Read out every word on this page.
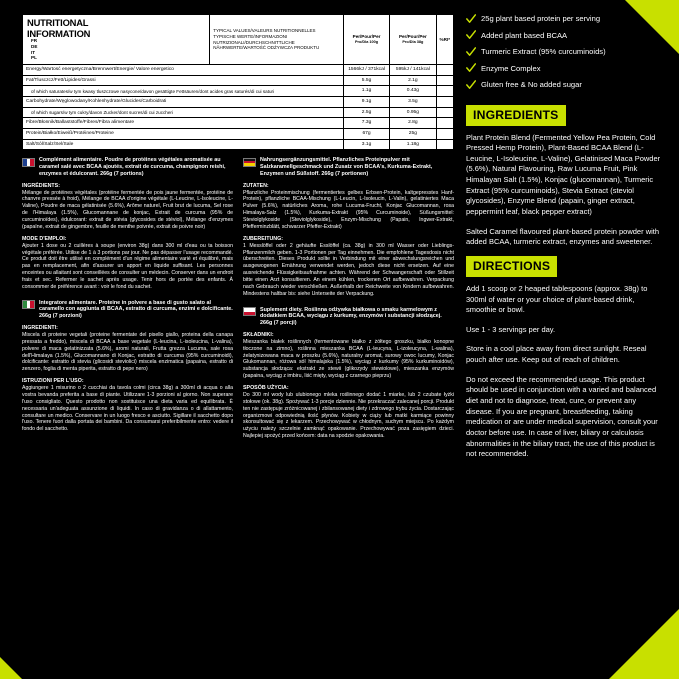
NUTRITIONAL
INFORMATION
FR
DE
IT
PL

TYPICAL VALUES/VALEURS NUTRITIONNELLES
TYPISCHE WERTE/INFORMAZIONI NUTRIZIONALI/DURCHSCHNITTLICHE
NÄHRWERTE/WARTOŚĆ ODŻYWCZA PRODUKTU
	Per/Pour/Per
Pro/Dla 100g
	Per/Pour/Per
Pro/Dla 38g
	%RI*
Energy/Wartosć energetyczna/Brennwert/Energie/ Valore energetico		1566kJ / 371kcal	595kJ / 141kcal	
Fat/Tlusczcz/Fett/Lipides/Grassi		5.5g	2.1g	
of which saturates/w tym kwasy tluszczowe nasycone/davon gesättigte Fettsäuren/dont acides gras saturés/di cui saturi		1.1g	0.43g	
Carbohydrate/Węglowodany/Kohlenhydrate/Glucides/Carboidrati		9.1g	3.5g	
of which sugars/w tym cukry/davon Zucker/dont sucres/di cui zuccheri		2.5g	0.95g	
Fibre/Błonnik/Ballaststoffe/Fibres/Fibra alimentare		7.3g	2.8g	
Protein/Białko/Eiweiß/Protéines/Proteine		67g	25g	
Salt/Sól/Salz/Sel/Sale		3.1g	1.18g	
Complément alimentaire. Poudre de protéines végétales aromatisée au caramel salé avec BCAA ajoutés, extrait de curcuma, champignon reishi, enzymes et édulcorant. 266g (7 portions)
INGRÉDIENTS:
Mélange de protéines végétales (protéine fermentée de pois jaune fermentée, protéine de chanvre pressée à froid), Mélange de BCAA d'origine végétale (L-Leucine, L-Isoleucine, L-Valine), Poudre de maca gélatinisée (5.6%), Arôme naturel, Fruit brut de lucuma, Sel rose de l'Himalaya (1.5%), Glucomannane de konjac, Extrait de curcuma (95% de curcuminoïdes), édulcorant: extrait de stévia (glycosides de stéviol), Mélange d'enzymes (papaïne, extrait de gingembre, feuille de menthe poivrée, extrait de poivre noir)
MODE D'EMPLOI:
Ajouter 1 dose ou 2 cuillères à soupe (environ 38g) dans 300 ml d'eau ou ta boisson végétale préférée. Utilise de 1 à 3 portions par jour. Ne pas dépasser l'usage recommandé. Ce produit doit être utilisé en complément d'un régime alimentaire varié et équilibré, mais pas en remplacement, afin d'assurer un apport en liquide suffisant. Les personnes enceintes ou allaitant sont conseillées de consulter un médecin. Conserver dans un endroit frais et sec. Refermer le sachet après usage. Tenir hors de portée des enfants. À consommer de préférence avant : voir le fond du sachet.
Integratore alimentare. Proteine in polvere a base di gusto salato al caramello con aggiunta di BCAA, estratto di curcuma, enzimi e dolcificante. 266g (7 porzioni)
INGREDIENTI:
Miscela di proteine vegetali (proteine fermentate del pisello giallo, proteina della canapa pressata a freddo), miscela di BCAA a base vegetale (L-leucina, L-isoleucina, L-valina), polvere di maca gelatinizzata (5.6%), aromi naturali, Frutta grezza Lucuma, sale rosa dell'Himalaya (1.5%), Glucomannano di Konjac, estratto di curcuma (95% curcuminoidi), dolcificante: estratto di stevia (glicosidi steviolici) miscela enzimatica (papaina, estratto di zenzero, foglia di menta piperita, estratto di pepe nero)
ISTRUZIONI PER L'USO:
Aggiungere 1 misurino o 2 cucchiai da tavola colmi (circa 38g) a 300ml di acqua o alla vostra bevanda preferita a base di piante. Utilizzare 1-3 porzioni al giorno. Non superare l'uso consigliato. Questo prodotto non sostituisce una dieta varia ed equilibrata. È necessaria un'adeguata assunzione di liquidi. In caso di gravidanza o di allattamento, consultare un medico. Conservare in un luogo fresco e asciutto. Sigillare il sacchetto dopo l'uso. Tenere fuori dalla portata dei bambini. Da consumarsi preferibilmente entro: vedere il fondo del sacchetto.
Nahrungsergänzungsmittel. Pflanzliches Proteinpulver mit Salzkaramellgeschmack und Zusatz von BCAA's, Kurkuma-Extrakt, Enzymen und Süßstoff. 266g (7 portionen)
ZUTATEN:
Pflanzliche Proteinmischung (fermentiertes gelbes Erbsen-Protein, kaltgepresstes Hanf-Protein), pflanzliche BCAA-Mischung (L-Leucin, L-Isoleucin, L-Valin), gelatiniertes Maca Pulver (5.6%), natürliches Aroma, rohe Lucuma-Frucht, Konjac Glucomannan, rosa Himalaya-Salz (1.5%), Kurkuma-Extrakt (95% Curcuminoide), Süßungsmittel: Steviolglykoside (Steviolglykoside), Enzym-Mischung (Papain, Ingwer-Extrakt, Pfefferminzblätt, schwarzer Pfeffer-Extrakt)
ZUBEREITUNG:
1 Messlöffel oder 2 gehäufte Esslöffel (ca. 38g) in 300 ml Wasser oder Lieblings-Pflanzenmilch geben. 1-3 Portionen per Tag einnehmen. Die empfohlene Tagesdosis nicht überschreiten. Dieses Produkt sollte in Verbindung mit einer abwechslungsreichen und ausgewogenen Ernährung verwendet werden, jedoch diese nicht ersetzen. Auf eine ausreichende Flüssigkeitsaufnahme achten. Während der Schwangerschaft oder Stillzeit bitte einen Arzt konsultieren. An einem kühlen, trockenen Ort aufbewahren. Verpackung nach Gebrauch wieder verschließen. Außerhalb der Reichweite von Kindern aufbewahren. Mindestens haltbar bis: siehe Unterseite der Verpackung.
Suplement diety. Roślinna odżywka białkowa o smaku karmelowym z dodatkiem BCAA, wyciągu z kurkumy, enzymów i substancji słodzącej. 266g (7 porcji)
SKŁADNIKI:
Mieszanka białek roślinnych (fermentowane białko z żółtego groszku, białko konopne tłoczone na zimno), roślinna mieszanka BCAA (L-leucyna, L-izoleucyna, L-walina), żelatynizowana maca w proszku (5.6%), naturalny aromat, surowy owoc lucumy, Konjac Glukomannan, różowa sól himalajska (1.5%), wyciąg z kurkumy (95% kurkuminoidów), substancja słodząca: ekstrakt ze stewii (glikozydy stewiolowe), mieszanka enzymów (papaina, wyciąg z imbiru, liść mięty, wyciąg z czarnego pieprzu)
SPOSÓB UŻYCIA:
Do 300 ml wody lub ulubionego mleka roślinnego dodać 1 miarke, lub 2 czubate łyżki stołowe (ok. 38g). Spożywać 1-3 porcje dziennie. Nie przekraczać zalecanej porcji. Produkt ten nie zastępuje zróżnicowanej i zbilansowanej diety i zdrowego trybu życia. Dostarczając organizmowi odpowiednią ilość płynów. Kobiety w ciąży lub matki karmiące powinny skonsultować się z lekarzem. Przechowywać w chłodnym, suchym miejscu. Po każdym użyciu należy szczelnie zamknąć opakowanie. Przechowywać poza zasięgiem dzieci. Najlepiej spożyć przed końcem: data na spodzie opakowania.
25g plant based protein per serving
Added plant based BCAA
Turmeric Extract (95% curcuminoids)
Enzyme Complex
Gluten free & No added sugar
INGREDIENTS

Plant Protein Blend (Fermented Yellow Pea Protein, Cold Pressed Hemp Protein), Plant-Based BCAA Blend (L-Leucine, L-Isoleucine, L-Valine), Gelatinised Maca Powder (5.6%), Natural Flavouring, Raw Lucuma Fruit, Pink Himalayan Salt (1.5%), Konjac (glucomannan), Turmeric Extract (95% curcuminoids), Stevia Extract (steviol glycosides), Enzyme Blend (papain, ginger extract, peppermint leaf, black pepper extract)

Salted Caramel flavoured plant-based protein powder with added BCAA, turmeric extract, enzymes and sweetener.

DIRECTIONS

Add 1 scoop or 2 heaped tablespoons (approx. 38g) to 300ml of water or your choice of plant-based drink, smoothie or bowl.

Use 1 - 3 servings per day.

Store in a cool place away from direct sunlight. Reseal pouch after use. Keep out of reach of children.

Do not exceed the recommended usage. This product should be used in conjunction with a varied and balanced diet and not to diagnose, treat, cure, or prevent any disease. If you are pregnant, breastfeeding, taking medication or are under medical supervision, consult your doctor before use. In case of liver, biliary or calculosis abnormalities in the biliary tract, the use of this product is not recommended.
